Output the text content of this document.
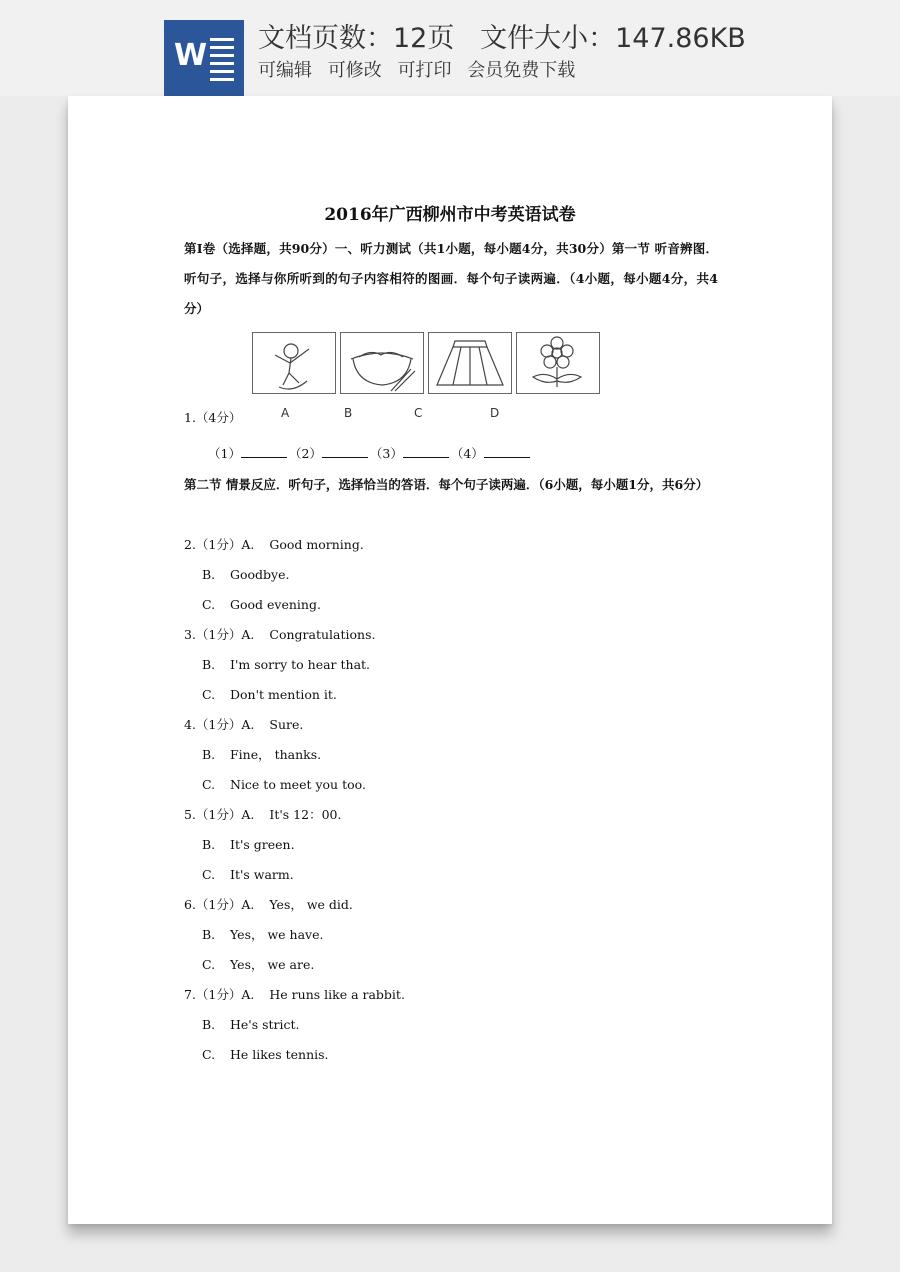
W 文档页数：12页   文件大小：147.86KB
可编辑 可修改 可打印 会员免费下载
2016年广西柳州市中考英语试卷
第Ⅰ卷（选择题，共90分）一、听力测试（共1小题，每小题4分，共30分）第一节 听音辨图．听句子，选择与你所听到的句子内容相符的图画．每个句子读两遍．（4小题，每小题4分，共4分）
1.（4分）	A	B	C	D
（1）	（2）	（3）	（4）
第二节 情景反应．听句子，选择恰当的答语．每个句子读两遍．（6小题，每小题1分，共6分）
2.（1分）A. Good morning.
B. Goodbye.
C. Good evening.
3.（1分）A. Congratulations.
B. I'm sorry to hear that.
C. Don't mention it.
4.（1分）A. Sure.
B. Fine， thanks.
C. Nice to meet you too.
5.（1分）A. It's 12：00.
B. It's green.
C. It's warm.
6.（1分）A. Yes， we did.
B. Yes， we have.
C. Yes， we are.
7.（1分）A. He runs like a rabbit.
B. He's strict.
C. He likes tennis.
